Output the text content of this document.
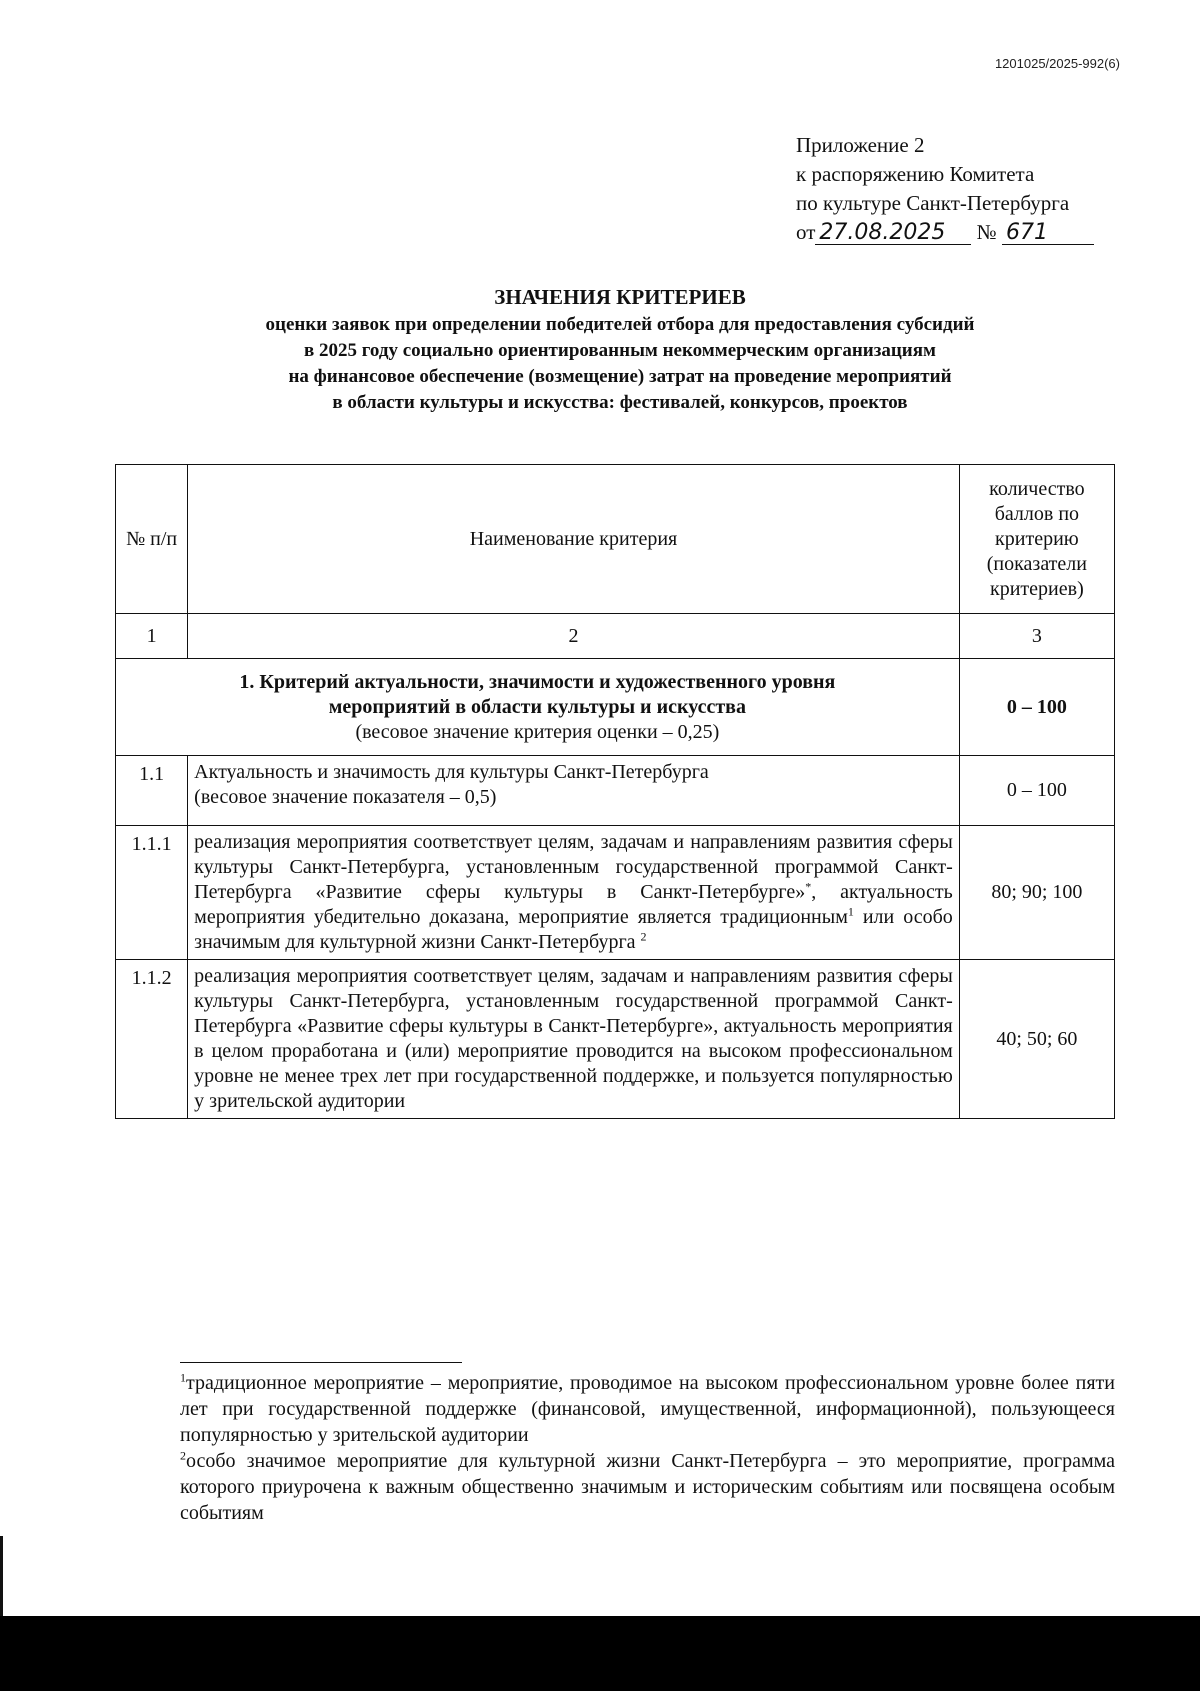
1201025/2025-992(6)
Приложение 2
к распоряжению Комитета
по культуре Санкт-Петербурга
от 27.08.2025 № 671
ЗНАЧЕНИЯ КРИТЕРИЕВ
оценки заявок при определении победителей отбора для предоставления субсидий
в 2025 году социально ориентированным некоммерческим организациям
на финансовое обеспечение (возмещение) затрат на проведение мероприятий
в области культуры и искусства: фестивалей, конкурсов, проектов
№ п/п	Наименование критерия	количество баллов по критерию (показатели критериев)
1	2	3

1. Критерий актуальности, значимости и художественного уровня
мероприятий в области культуры и искусства
(весовое значение критерия оценки – 0,25)		0 – 100
1.1	Актуальность и значимость для культуры Санкт-Петербурга
(весовое значение показателя – 0,5)	0 – 100
1.1.1	реализация мероприятия соответствует целям, задачам и направлениям развития сферы культуры Санкт-Петербурга, установленным государственной программой Санкт-Петербурга «Развитие сферы культуры в Санкт-Петербурге»*, актуальность мероприятия убедительно доказана, мероприятие является традиционным$^1$ или особо значимым для культурной жизни Санкт-Петербурга $^2$	80; 90; 100
1.1.2	реализация мероприятия соответствует целям, задачам и направлениям развития сферы культуры Санкт-Петербурга, установленным государственной программой Санкт-Петербурга «Развитие сферы культуры в Санкт-Петербурге», актуальность мероприятия в целом проработана и (или) мероприятие проводится на высоком профессиональном уровне не менее трех лет при государственной поддержке, и пользуется популярностью у зрительской аудитории	40; 50; 60

$^1$традиционное мероприятие – мероприятие, проводимое на высоком профессиональном уровне более пяти лет при государственной поддержке (финансовой, имущественной, информационной), пользующееся популярностью у зрительской аудитории

$^2$особо значимое мероприятие для культурной жизни Санкт-Петербурга – это мероприятие, программа которого приурочена к важным общественно значимым и историческим событиям или посвящена особым событиям
